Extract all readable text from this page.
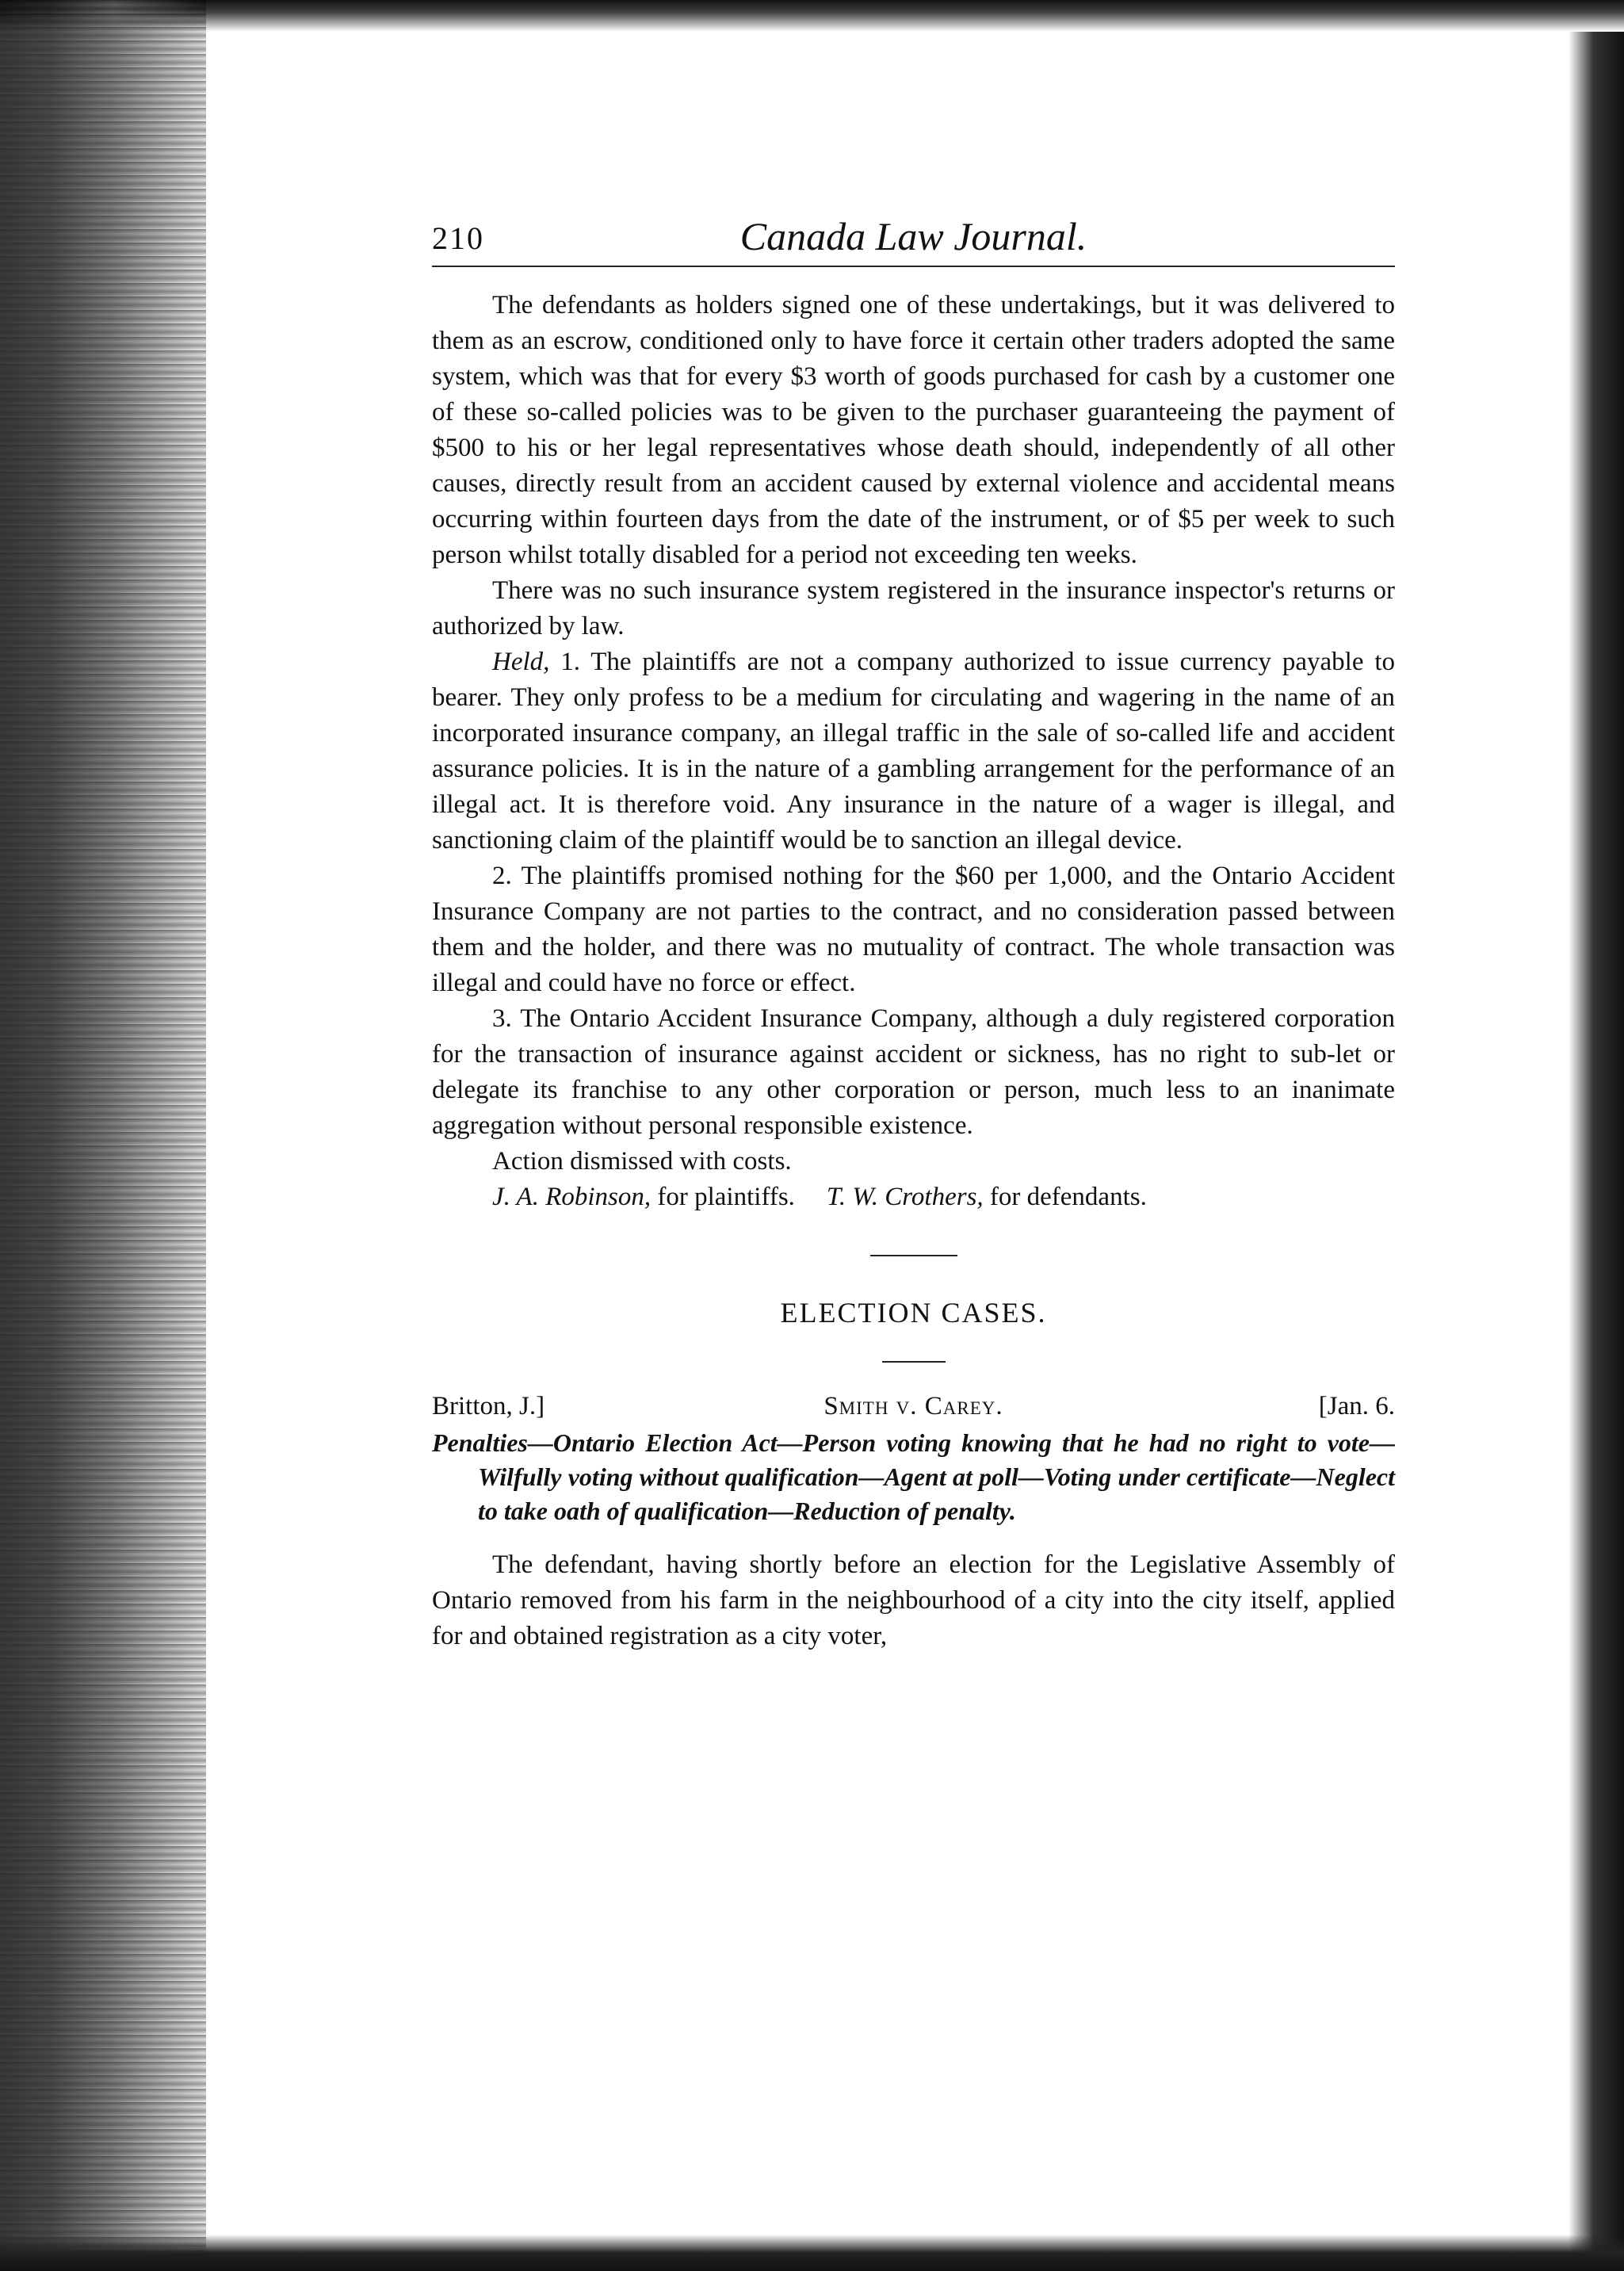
210	Canada Law Journal.

The defendants as holders signed one of these undertakings, but it was delivered to them as an escrow, conditioned only to have force it certain other traders adopted the same system, which was that for every $3 worth of goods purchased for cash by a customer one of these so-called policies was to be given to the purchaser guaranteeing the payment of $500 to his or her legal representatives whose death should, independently of all other causes, directly result from an accident caused by external violence and accidental means occurring within fourteen days from the date of the instrument, or of $5 per week to such person whilst totally disabled for a period not exceeding ten weeks.

There was no such insurance system registered in the insurance inspector's returns or authorized by law.

Held, 1. The plaintiffs are not a company authorized to issue currency payable to bearer. They only profess to be a medium for circulating and wagering in the name of an incorporated insurance company, an illegal traffic in the sale of so-called life and accident assurance policies. It is in the nature of a gambling arrangement for the performance of an illegal act. It is therefore void. Any insurance in the nature of a wager is illegal, and sanctioning claim of the plaintiff would be to sanction an illegal device.

2. The plaintiffs promised nothing for the $60 per 1,000, and the Ontario Accident Insurance Company are not parties to the contract, and no consideration passed between them and the holder, and there was no mutuality of contract. The whole transaction was illegal and could have no force or effect.

3. The Ontario Accident Insurance Company, although a duly registered corporation for the transaction of insurance against accident or sickness, has no right to sub-let or delegate its franchise to any other corporation or person, much less to an inanimate aggregation without personal responsible existence.

Action dismissed with costs.

J. A. Robinson, for plaintiffs. T. W. Crothers, for defendants.

ELECTION CASES.
Britton, J.]	Smith v. Carey.	[Jan. 6.
Penalties—Ontario Election Act—Person voting knowing that he had no right to vote—Wilfully voting without qualification—Agent at poll—Voting under certificate—Neglect to take oath of qualification—Reduction of penalty.

The defendant, having shortly before an election for the Legislative Assembly of Ontario removed from his farm in the neighbourhood of a city into the city itself, applied for and obtained registration as a city voter,
